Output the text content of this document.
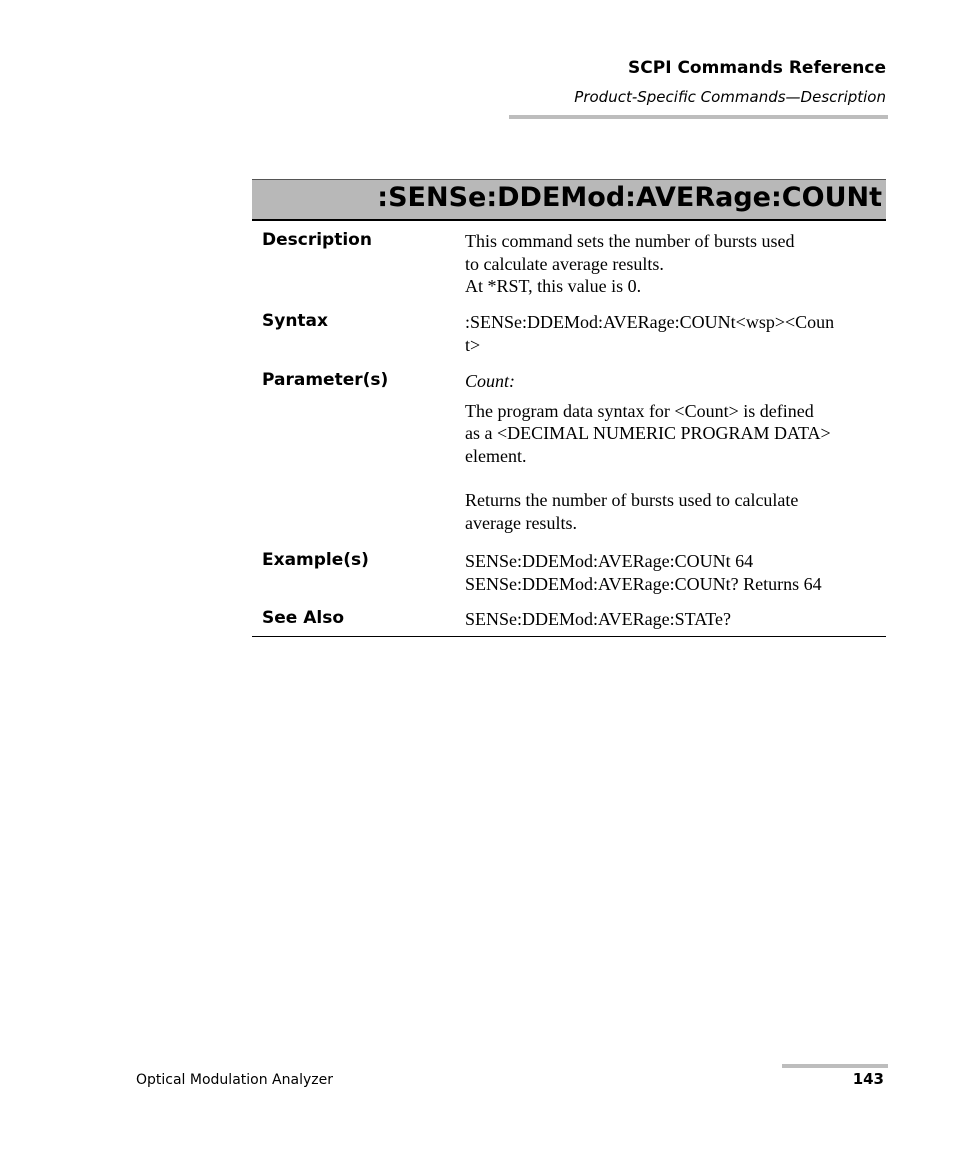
SCPI Commands Reference
Product-Specific Commands—Description
:SENSe:DDEMod:AVERage:COUNt
Description	This command sets the number of bursts used

to calculate average results.

At *RST, this value is 0.

Syntax	:SENSe:DDEMod:AVERage:COUNt<wsp><Coun

t>

Parameter(s)	Count:

The program data syntax for <Count> is defined

as a <DECIMAL NUMERIC PROGRAM DATA>

element.

Returns the number of bursts used to calculate

average results.

Example(s)	SENSe:DDEMod:AVERage:COUNt 64

SENSe:DDEMod:AVERage:COUNt? Returns 64

See Also	SENSe:DDEMod:AVERage:STATe?

Optical Modulation Analyzer	143
